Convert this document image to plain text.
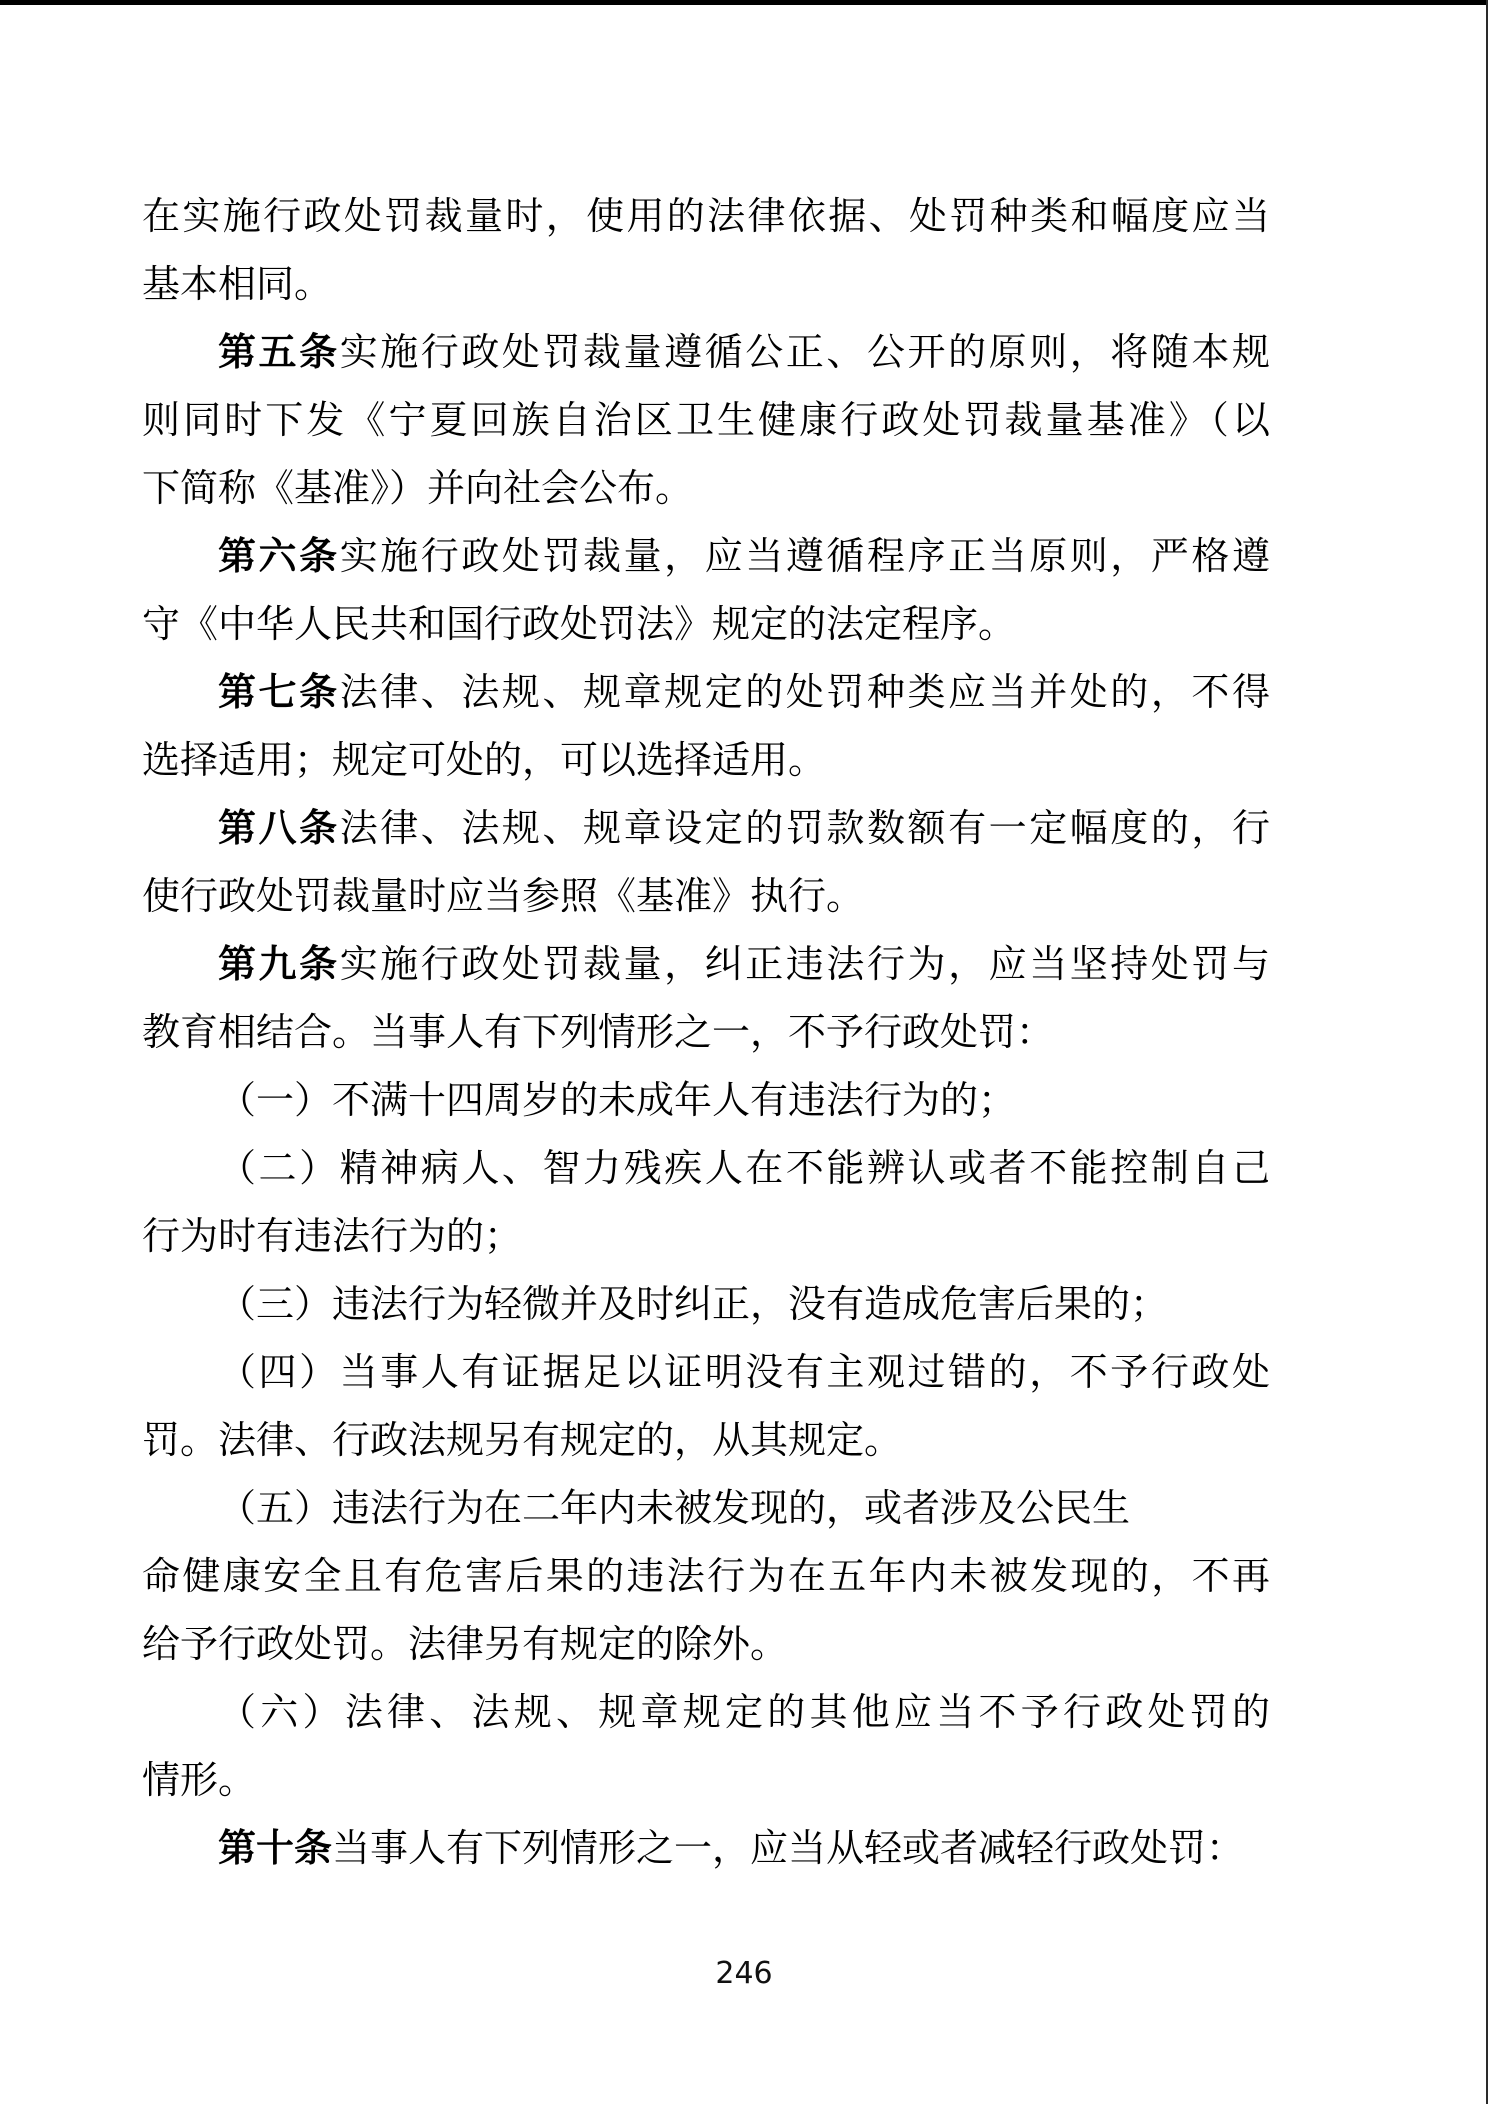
在实施行政处罚裁量时，使用的法律依据、处罚种类和幅度应当
基本相同。
第五条实施行政处罚裁量遵循公正、公开的原则，将随本规
则同时下发《宁夏回族自治区卫生健康行政处罚裁量基准》（以
下简称《基准》）并向社会公布。
第六条实施行政处罚裁量，应当遵循程序正当原则，严格遵
守《中华人民共和国行政处罚法》规定的法定程序。
第七条法律、法规、规章规定的处罚种类应当并处的，不得
选择适用；规定可处的，可以选择适用。
第八条法律、法规、规章设定的罚款数额有一定幅度的，行
使行政处罚裁量时应当参照《基准》执行。
第九条实施行政处罚裁量，纠正违法行为，应当坚持处罚与
教育相结合。当事人有下列情形之一，不予行政处罚：
（一）不满十四周岁的未成年人有违法行为的；
（二）精神病人、智力残疾人在不能辨认或者不能控制自己
行为时有违法行为的；
（三）违法行为轻微并及时纠正，没有造成危害后果的；
（四）当事人有证据足以证明没有主观过错的，不予行政处
罚。法律、行政法规另有规定的，从其规定。
（五）违法行为在二年内未被发现的，或者涉及公民生
命健康安全且有危害后果的违法行为在五年内未被发现的，不再
给予行政处罚。法律另有规定的除外。
（六）法律、法规、规章规定的其他应当不予行政处罚的
情形。
第十条当事人有下列情形之一，应当从轻或者减轻行政处罚：
246
